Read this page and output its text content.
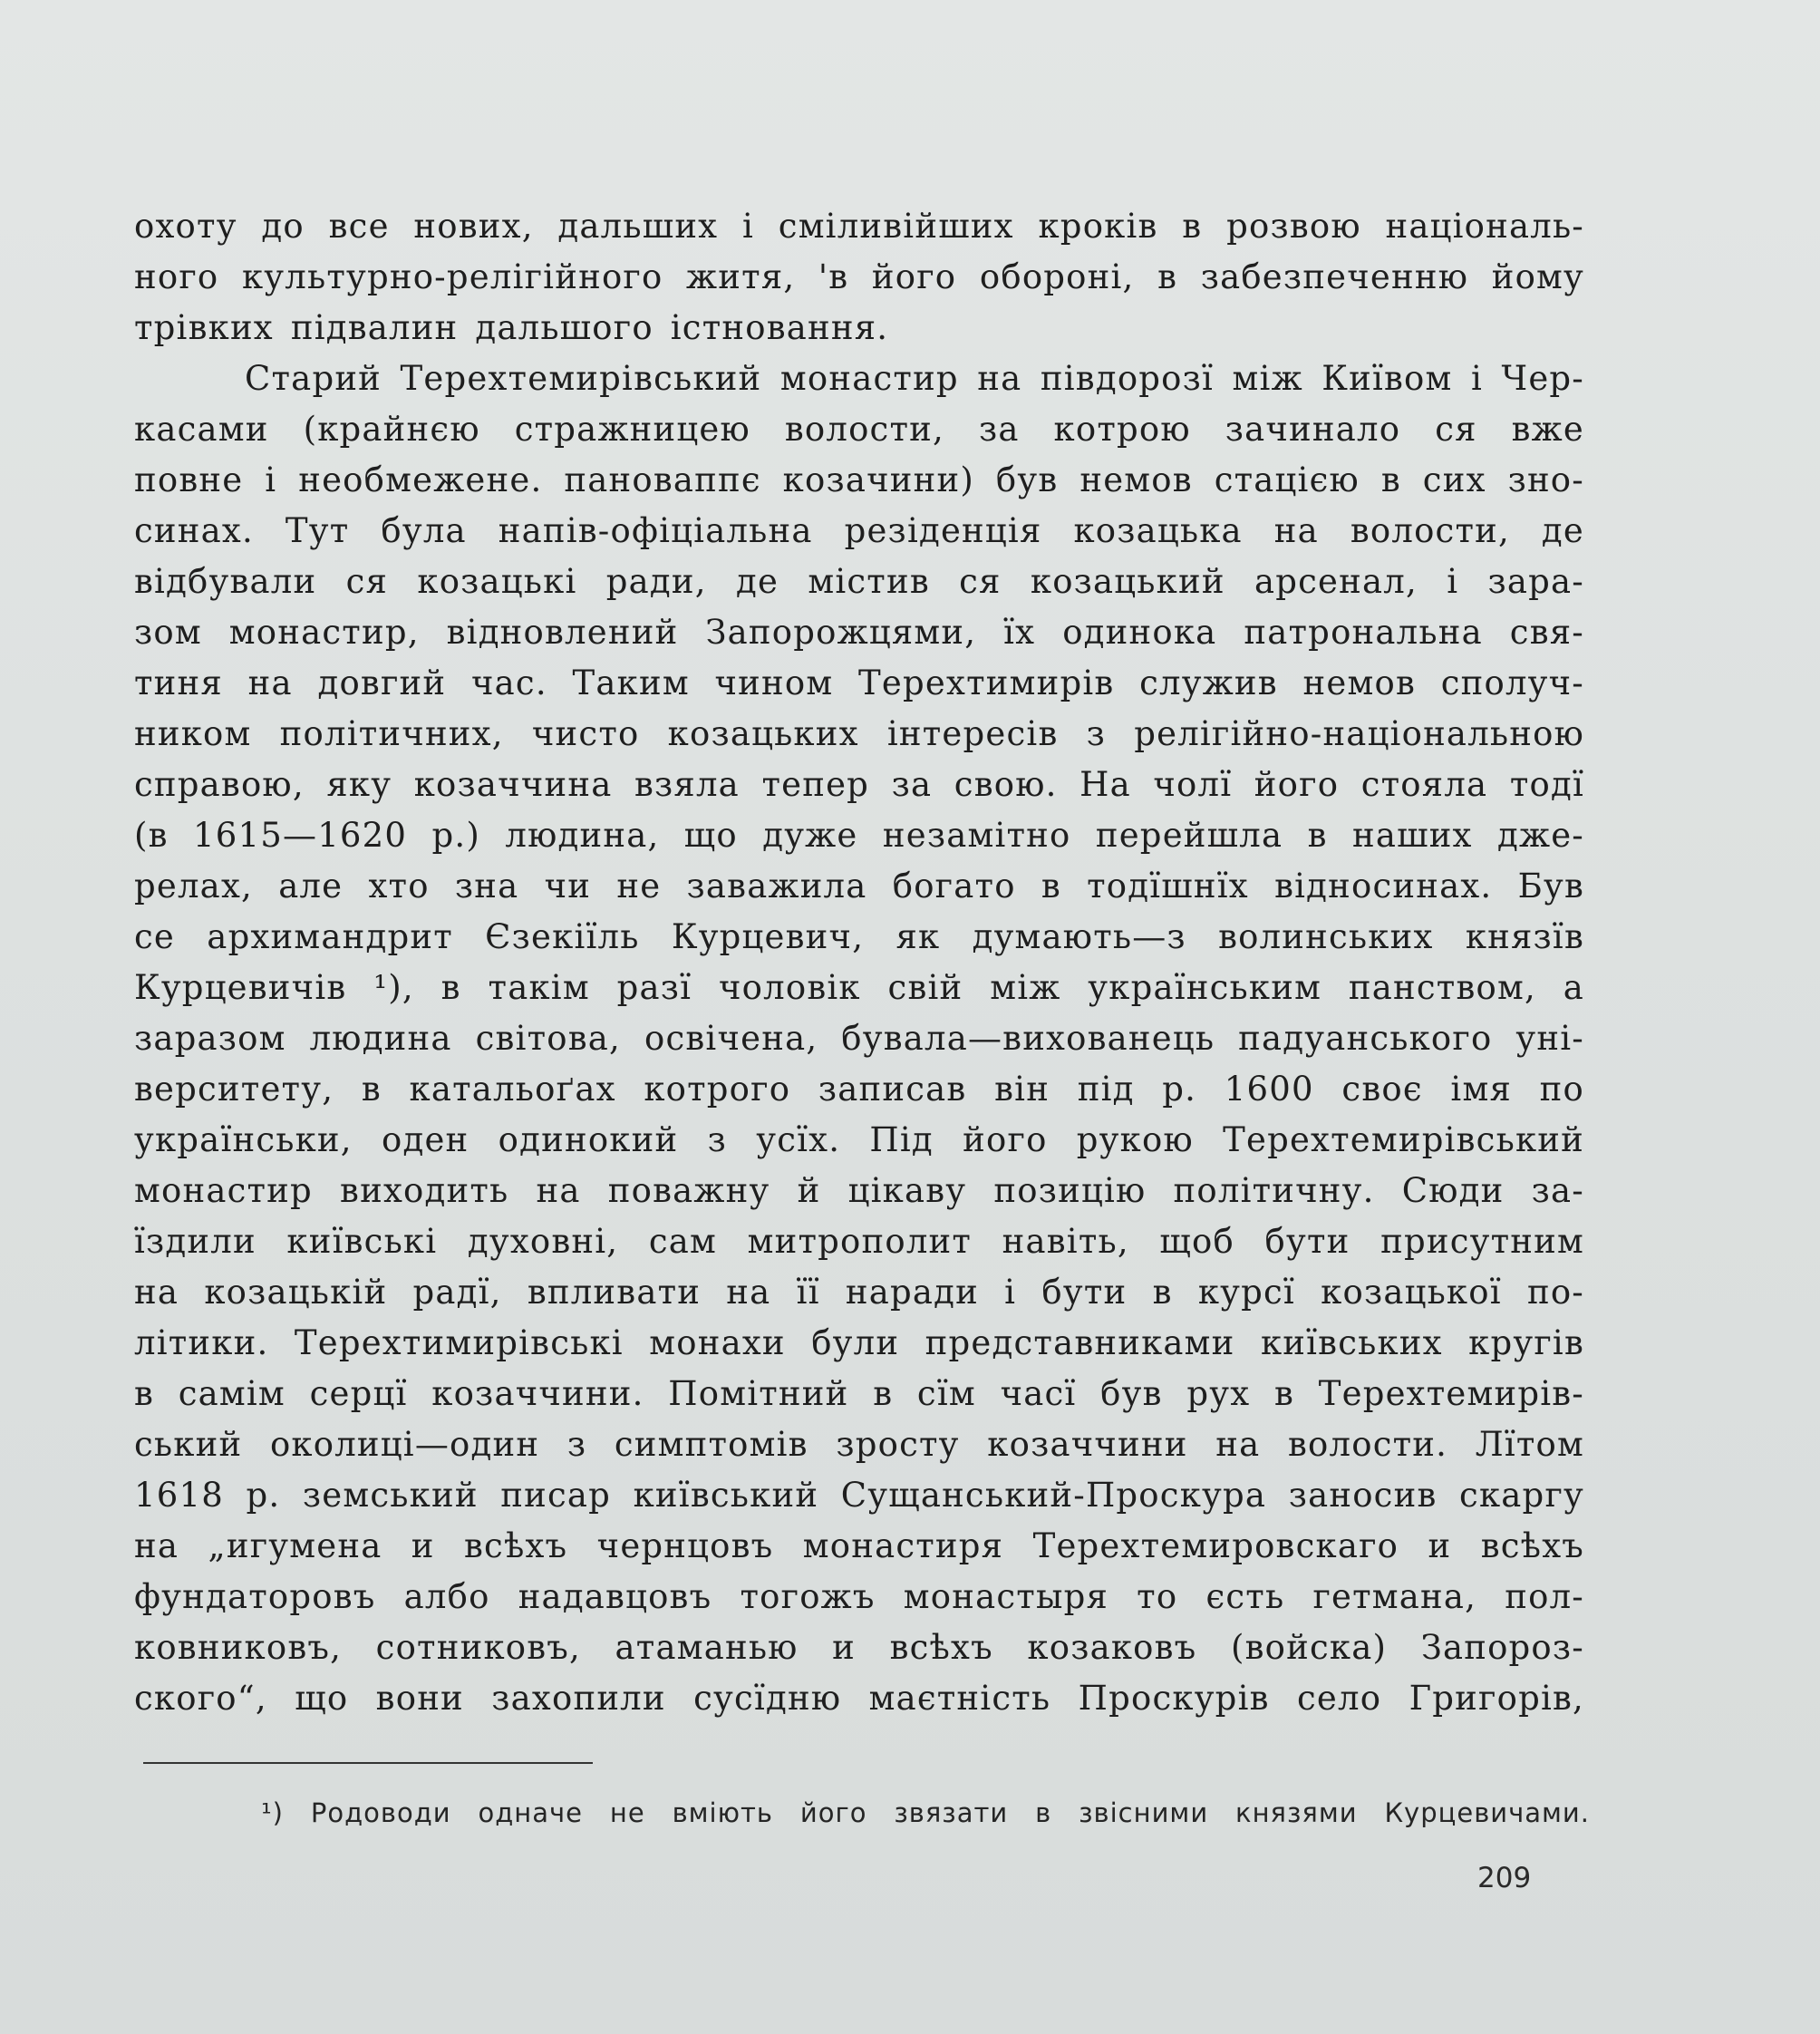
охоту до все нових, дальших і сміливійших кроків в розвою національ-
ного культурно-релігійного житя, 'в його обороні, в забезпеченню йому
трівких підвалин дальшого істновання.
Старий Терехтемирівський монастир на півдорозї між Київом і Чер-
касами (крайнєю стражницею волости, за котрою зачинало ся вже
повне і необмежене. пановаппє козачини) був немов стацією в сих зно-
синах. Тут була напів-офіціальна резіденція козацька на волости, де
відбували ся козацькі ради, де містив ся козацький арсенал, і зара-
зом монастир, відновлений Запорожцями, їх одинока патрональна свя-
тиня на довгий час. Таким чином Терехтимирів служив немов сполуч-
ником політичних, чисто козацьких інтересів з релігійно-національною
справою, яку козаччина взяла тепер за свою. На чолї його стояла тодї
(в 1615—1620 р.) людина, що дуже незамітно перейшла в наших дже-
релах, але хто зна чи не заважила богато в тодїшнїх відносинах. Був
се архимандрит Єзекіїль Курцевич, як думають—з волинських князїв
Курцевичів ¹), в такім разї чоловік свій між українським панством, а
заразом людина світова, освічена, бувала—вихованець падуанського уні-
верситету, в катальоґах котрого записав він під р. 1600 своє імя по
українськи, оден одинокий з усїх. Під його рукою Терехтемирівський
монастир виходить на поважну й цікаву позицію політичну. Сюди за-
їздили київські духовні, сам митрополит навіть, щоб бути присутним
на козацькій радї, впливати на її наради і бути в курсї козацької по-
літики. Терехтимирівські монахи були представниками київських кругів
в самім серцї козаччини. Помітний в сїм часї був рух в Терехтемирів-
ський околиці—один з симптомів зросту козаччини на волости. Лїтом
1618 р. земський писар київський Сущанський-Проскура заносив скаргу
на „игумена и всѣхъ чернцовъ монастиря Терехтемировскаго и всѣхъ
фундаторовъ албо надавцовъ тогожъ монастыря то єсть гетмана, пол-
ковниковъ, сотниковъ, атаманью и всѣхъ козаковъ (войска) Запороз-
ского“, що вони захопили сусїдню маєтність Проскурів село Григорів,
¹) Родоводи одначе не вміють його звязати в звісними князями Курцевичами.
209
